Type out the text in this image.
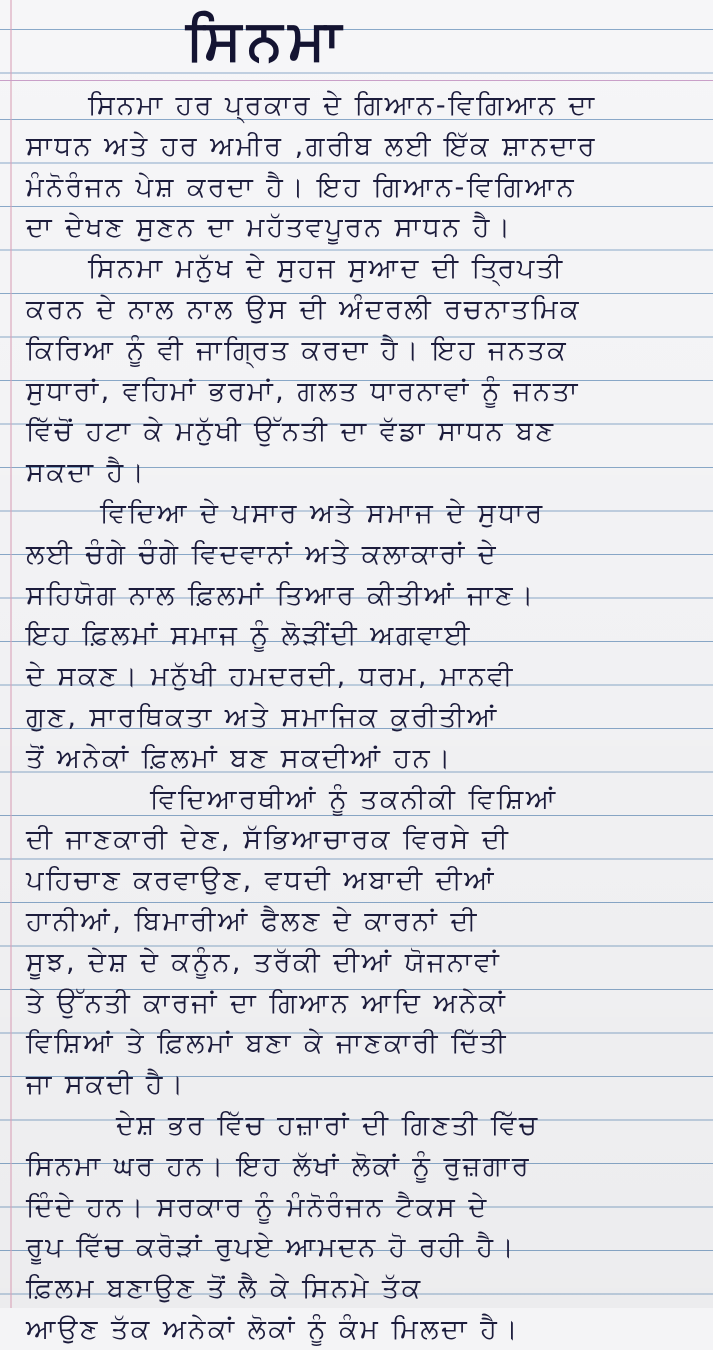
ਸਿਨਮਾ
ਸਿਨਮਾ ਹਰ ਪ੍ਰਕਾਰ ਦੇ ਗਿਆਨ-ਵਿਗਿਆਨ ਦਾ
ਸਾਧਨ ਅਤੇ ਹਰ ਅਮੀਰ ,ਗਰੀਬ ਲਈ ਇੱਕ ਸ਼ਾਨਦਾਰ
ਮੰਨੋਰੰਜਨ ਪੇਸ਼ ਕਰਦਾ ਹੈ। ਇਹ ਗਿਆਨ-ਵਿਗਿਆਨ
ਦਾ ਦੇਖਣ ਸੁਣਨ ਦਾ ਮਹੱਤਵਪੂਰਨ ਸਾਧਨ ਹੈ।
ਸਿਨਮਾ ਮਨੁੱਖ ਦੇ ਸੁਹਜ ਸੁਆਦ ਦੀ ਤ੍ਰਿਪਤੀ
ਕਰਨ ਦੇ ਨਾਲ ਨਾਲ ਉਸ ਦੀ ਅੰਦਰਲੀ ਰਚਨਾਤਮਿਕ
ਕਿਰਿਆ ਨੂੰ ਵੀ ਜਾਗ੍ਰਿਤ ਕਰਦਾ ਹੈ। ਇਹ ਜਨਤਕ
ਸੁਧਾਰਾਂ, ਵਹਿਮਾਂ ਭਰਮਾਂ, ਗਲਤ ਧਾਰਨਾਵਾਂ ਨੂੰ ਜਨਤਾ
ਵਿੱਚੋਂ ਹਟਾ ਕੇ ਮਨੁੱਖੀ ਉੱਨਤੀ ਦਾ ਵੱਡਾ ਸਾਧਨ ਬਣ
ਸਕਦਾ ਹੈ।
ਵਿਦਿਆ ਦੇ ਪਸਾਰ ਅਤੇ ਸਮਾਜ ਦੇ ਸੁਧਾਰ
ਲਈ ਚੰਗੇ ਚੰਗੇ ਵਿਦਵਾਨਾਂ ਅਤੇ ਕਲਾਕਾਰਾਂ ਦੇ
ਸਹਿਯੋਗ ਨਾਲ ਫ਼ਿਲਮਾਂ ਤਿਆਰ ਕੀਤੀਆਂ ਜਾਣ।
ਇਹ ਫ਼ਿਲਮਾਂ ਸਮਾਜ ਨੂੰ ਲੋੜੀਂਦੀ ਅਗਵਾਈ
ਦੇ ਸਕਣ। ਮਨੁੱਖੀ ਹਮਦਰਦੀ, ਧਰਮ, ਮਾਨਵੀ
ਗੁਣ, ਸਾਰਥਿਕਤਾ ਅਤੇ ਸਮਾਜਿਕ ਕੁਰੀਤੀਆਂ
ਤੋਂ ਅਨੇਕਾਂ ਫ਼ਿਲਮਾਂ ਬਣ ਸਕਦੀਆਂ ਹਨ।
ਵਿਦਿਆਰਥੀਆਂ ਨੂੰ ਤਕਨੀਕੀ ਵਿਸ਼ਿਆਂ
ਦੀ ਜਾਣਕਾਰੀ ਦੇਣ, ਸੱਭਿਆਚਾਰਕ ਵਿਰਸੇ ਦੀ
ਪਹਿਚਾਣ ਕਰਵਾਉਣ, ਵਧਦੀ ਅਬਾਦੀ ਦੀਆਂ
ਹਾਨੀਆਂ, ਬਿਮਾਰੀਆਂ ਫੈਲਣ ਦੇ ਕਾਰਨਾਂ ਦੀ
ਸੂਝ, ਦੇਸ਼ ਦੇ ਕਨੂੰਨ, ਤਰੱਕੀ ਦੀਆਂ ਯੋਜਨਾਵਾਂ
ਤੇ ਉੱਨਤੀ ਕਾਰਜਾਂ ਦਾ ਗਿਆਨ ਆਦਿ ਅਨੇਕਾਂ
ਵਿਸ਼ਿਆਂ ਤੇ ਫ਼ਿਲਮਾਂ ਬਣਾ ਕੇ ਜਾਣਕਾਰੀ ਦਿੱਤੀ
ਜਾ ਸਕਦੀ ਹੈ।
ਦੇਸ਼ ਭਰ ਵਿੱਚ ਹਜ਼ਾਰਾਂ ਦੀ ਗਿਣਤੀ ਵਿੱਚ
ਸਿਨਮਾ ਘਰ ਹਨ। ਇਹ ਲੱਖਾਂ ਲੋਕਾਂ ਨੂੰ ਰੁਜ਼ਗਾਰ
ਦਿੰਦੇ ਹਨ। ਸਰਕਾਰ ਨੂੰ ਮੰਨੋਰੰਜਨ ਟੈਕਸ ਦੇ
ਰੂਪ ਵਿੱਚ ਕਰੋੜਾਂ ਰੁਪਏ ਆਮਦਨ ਹੋ ਰਹੀ ਹੈ।
ਫ਼ਿਲਮ ਬਣਾਉਣ ਤੋਂ ਲੈ ਕੇ ਸਿਨਮੇ ਤੱਕ
ਆਉਣ ਤੱਕ ਅਨੇਕਾਂ ਲੋਕਾਂ ਨੂੰ ਕੰਮ ਮਿਲਦਾ ਹੈ।
